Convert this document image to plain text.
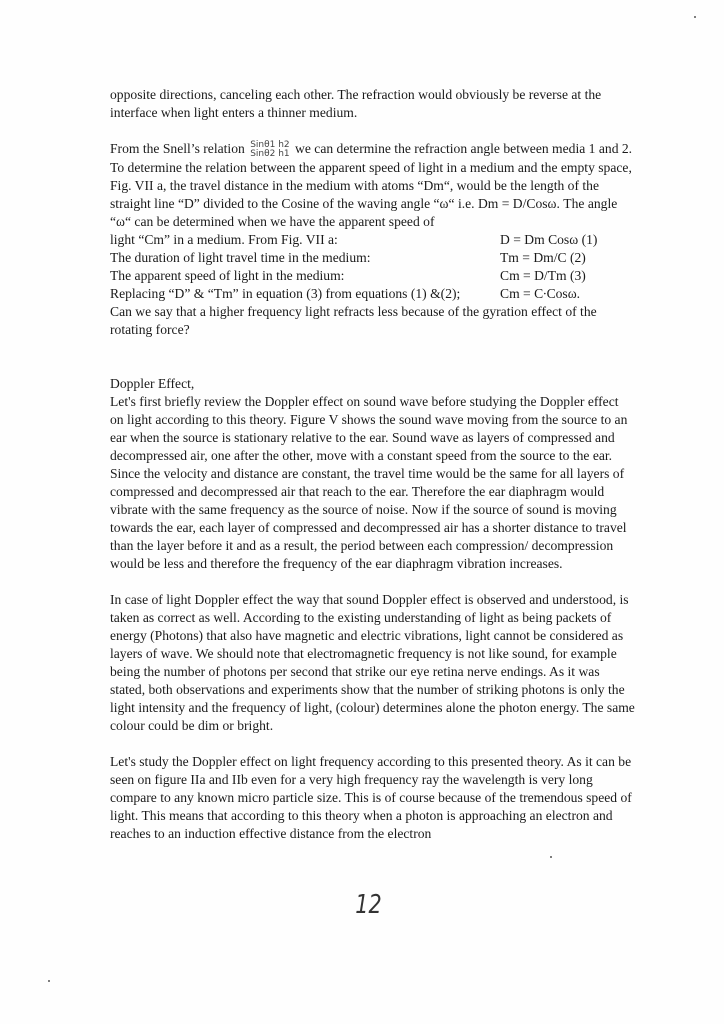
opposite directions, canceling each other. The refraction would obviously be reverse at the interface when light enters a thinner medium.

From the Snell’s relation Sinθ1 h2
Sinθ2 h1 we can determine the refraction angle between media 1 and 2. To determine the relation between the apparent speed of light in a medium and the empty space, Fig. VII a, the travel distance in the medium with atoms “Dm“, would be the length of the straight line “D” divided to the Cosine of the waving angle “ω“ i.e. Dm = D/Cosω. The angle “ω“ can be determined when we have the apparent speed of

light “Cm” in a medium. From Fig. VII a:	D = Dm Cosω (1)
The duration of light travel time in the medium:	Tm = Dm/C (2)
The apparent speed of light in the medium:	Cm = D/Tm (3)
Replacing “D” & “Tm” in equation (3) from equations (1) &(2);	Cm = C∙Cosω.

Can we say that a higher frequency light refracts less because of the gyration effect of the rotating force?

Doppler Effect,

Let's first briefly review the Doppler effect on sound wave before studying the Doppler effect on light according to this theory. Figure V shows the sound wave moving from the source to an ear when the source is stationary relative to the ear. Sound wave as layers of compressed and decompressed air, one after the other, move with a constant speed from the source to the ear. Since the velocity and distance are constant, the travel time would be the same for all layers of compressed and decompressed air that reach to the ear. Therefore the ear diaphragm would vibrate with the same frequency as the source of noise. Now if the source of sound is moving towards the ear, each layer of compressed and decompressed air has a shorter distance to travel than the layer before it and as a result, the period between each compression/ decompression would be less and therefore the frequency of the ear diaphragm vibration increases.

In case of light Doppler effect the way that sound Doppler effect is observed and understood, is taken as correct as well. According to the existing understanding of light as being packets of energy (Photons) that also have magnetic and electric vibrations, light cannot be considered as layers of wave. We should note that electromagnetic frequency is not like sound, for example being the number of photons per second that strike our eye retina nerve endings. As it was stated, both observations and experiments show that the number of striking photons is only the light intensity and the frequency of light, (colour) determines alone the photon energy. The same colour could be dim or bright.

Let's study the Doppler effect on light frequency according to this presented theory. As it can be seen on figure IIa and IIb even for a very high frequency ray the wavelength is very long compare to any known micro particle size. This is of course because of the tremendous speed of light. This means that according to this theory when a photon is approaching an electron and reaches to an induction effective distance from the electron

12
